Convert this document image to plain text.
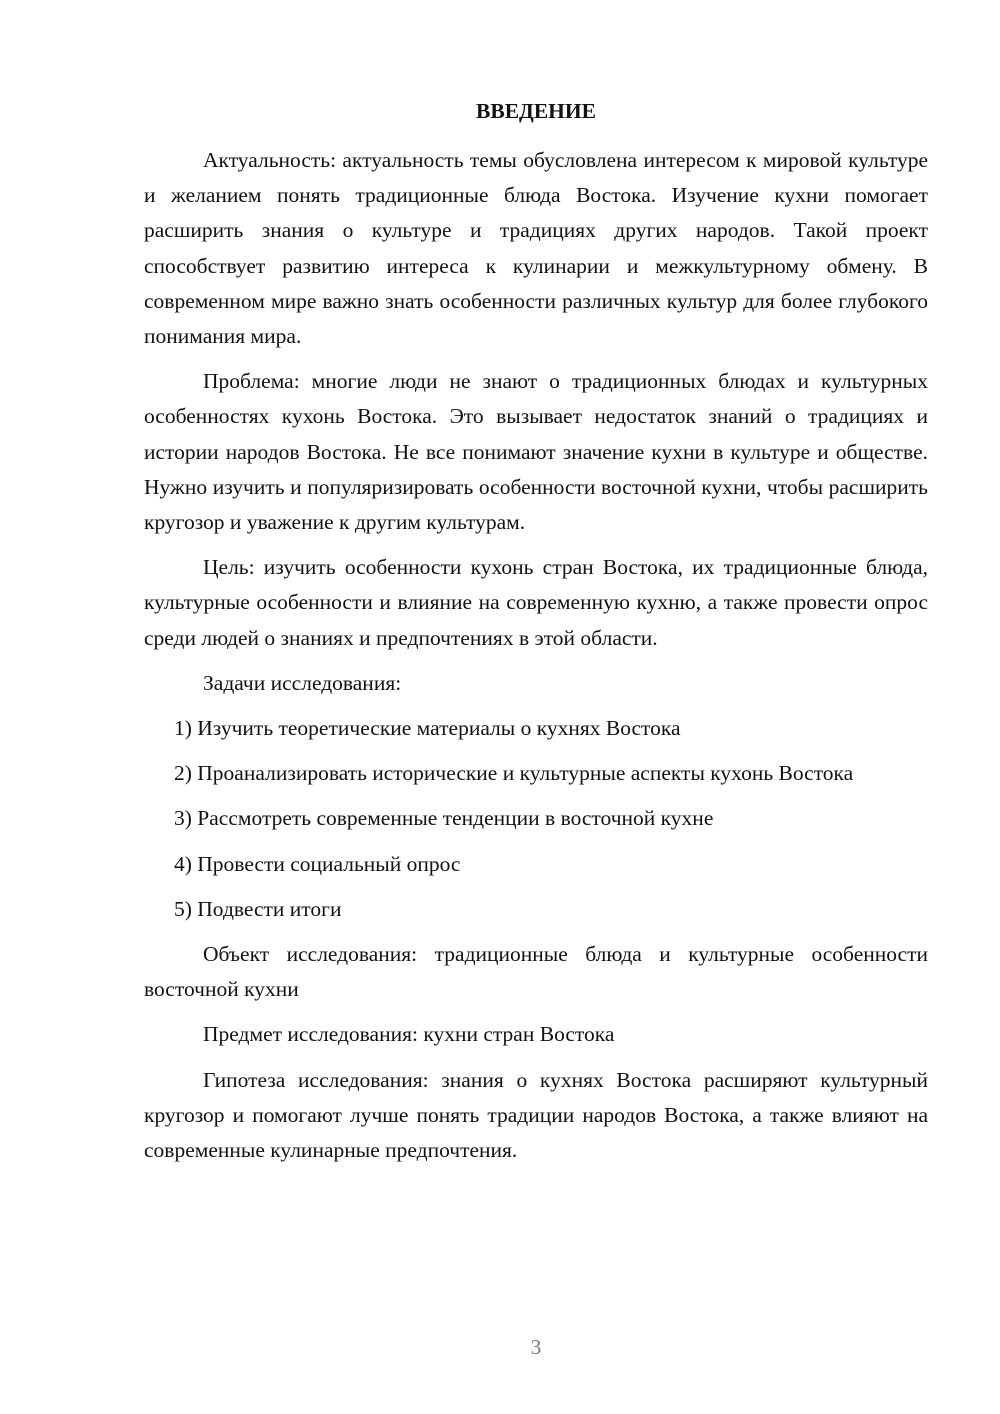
ВВЕДЕНИЕ

Актуальность: актуальность темы обусловлена интересом к мировой культуре и желанием понять традиционные блюда Востока. Изучение кухни помогает расширить знания о культуре и традициях других народов. Такой проект способствует развитию интереса к кулинарии и межкультурному обмену. В современном мире важно знать особенности различных культур для более глубокого понимания мира.

Проблема: многие люди не знают о традиционных блюдах и культурных особенностях кухонь Востока. Это вызывает недостаток знаний о традициях и истории народов Востока. Не все понимают значение кухни в культуре и обществе. Нужно изучить и популяризировать особенности восточной кухни, чтобы расширить кругозор и уважение к другим культурам.

Цель: изучить особенности кухонь стран Востока, их традиционные блюда, культурные особенности и влияние на современную кухню, а также провести опрос среди людей о знаниях и предпочтениях в этой области.

Задачи исследования:

1) Изучить теоретические материалы о кухнях Востока

2) Проанализировать исторические и культурные аспекты кухонь Востока

3) Рассмотреть современные тенденции в восточной кухне

4) Провести социальный опрос

5) Подвести итоги

Объект исследования: традиционные блюда и культурные особенности восточной кухни

Предмет исследования: кухни стран Востока

Гипотеза исследования: знания о кухнях Востока расширяют культурный кругозор и помогают лучше понять традиции народов Востока, а также влияют на современные кулинарные предпочтения.

3
